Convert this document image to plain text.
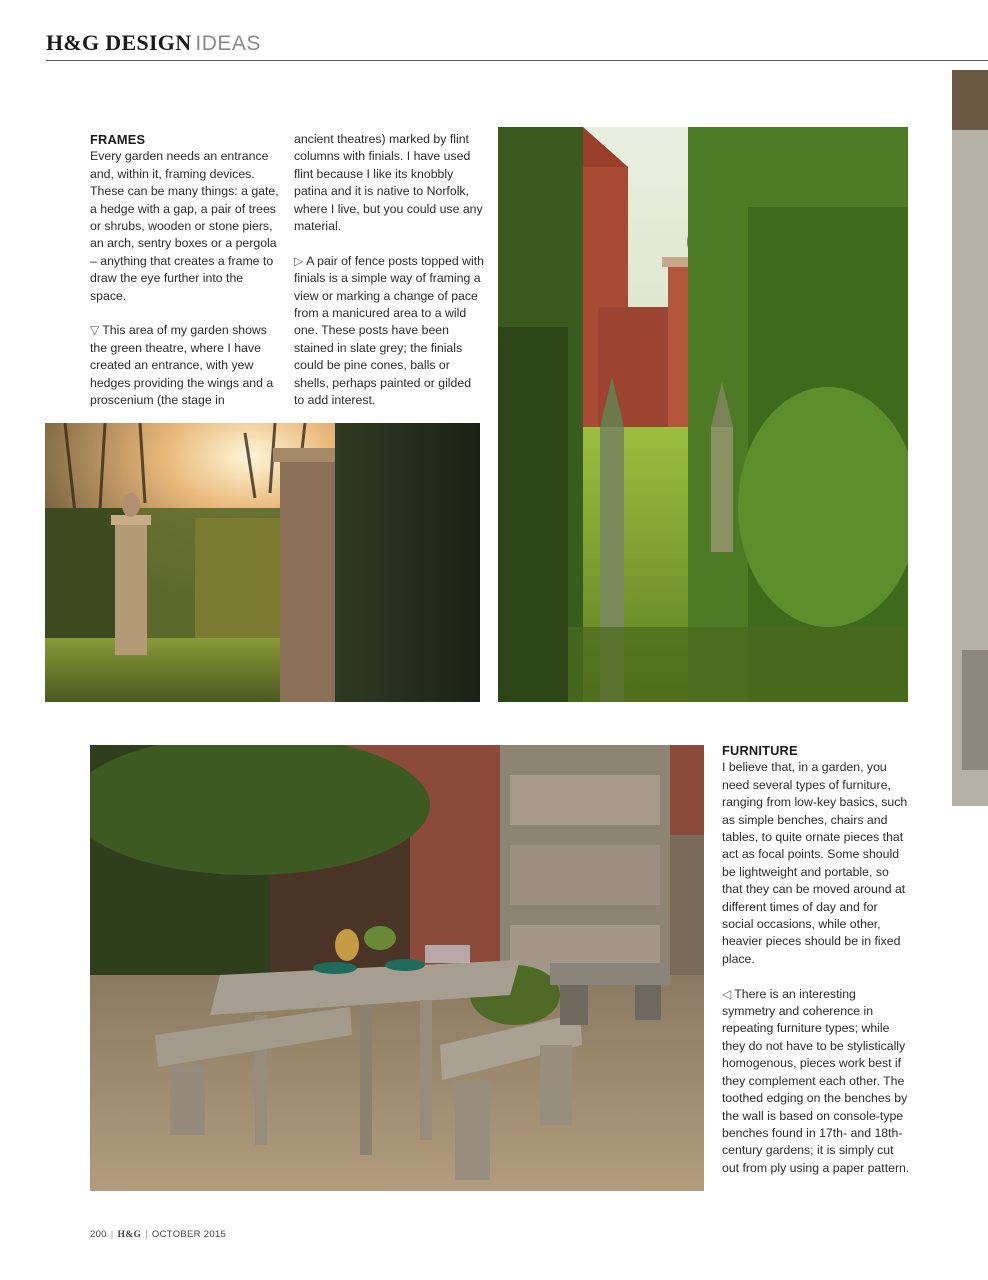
H&G DESIGN IDEAS
FRAMES

Every garden needs an entrance and, within it, framing devices. These can be many things: a gate, a hedge with a gap, a pair of trees or shrubs, wooden or stone piers, an arch, sentry boxes or a pergola – anything that creates a frame to draw the eye further into the space.

▽ This area of my garden shows the green theatre, where I have created an entrance, with yew hedges providing the wings and a proscenium (the stage in

ancient theatres) marked by flint columns with finials. I have used flint because I like its knobbly patina and it is native to Norfolk, where I live, but you could use any material.

▷ A pair of fence posts topped with finials is a simple way of framing a view or marking a change of pace from a manicured area to a wild one. These posts have been stained in slate grey; the finials could be pine cones, balls or shells, perhaps painted or gilded to add interest.

FURNITURE

I believe that, in a garden, you need several types of furniture, ranging from low-key basics, such as simple benches, chairs and tables, to quite ornate pieces that act as focal points. Some should be lightweight and portable, so that they can be moved around at different times of day and for social occasions, while other, heavier pieces should be in fixed place.

◁ There is an interesting symmetry and coherence in repeating furniture types; while they do not have to be stylistically homogenous, pieces work best if they complement each other. The toothed edging on the benches by the wall is based on console-type benches found in 17th- and 18th-century gardens; it is simply cut out from ply using a paper pattern.

200 | H&G | OCTOBER 2015
